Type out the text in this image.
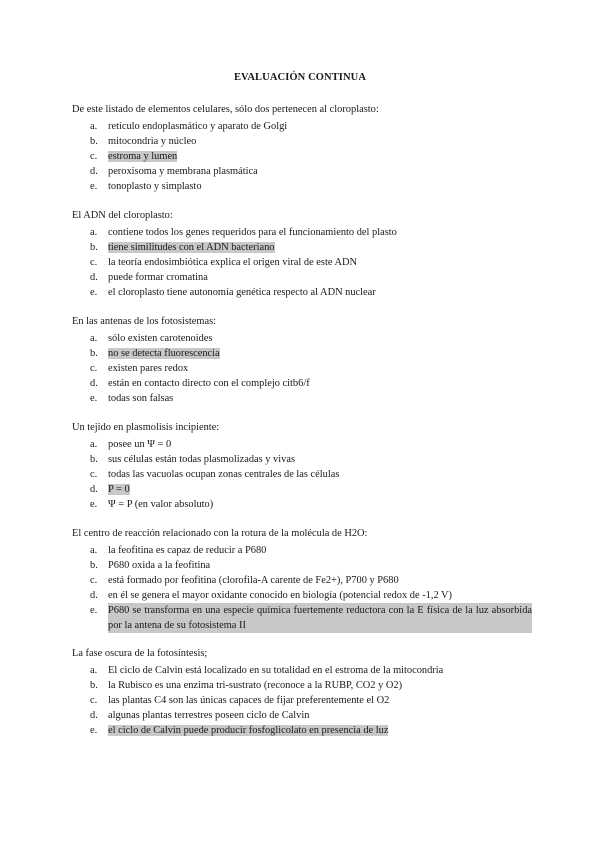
EVALUACIÓN CONTINUA
De este listado de elementos celulares, sólo dos pertenecen al cloroplasto:
a. retículo endoplasmático y aparato de Golgi
b. mitocondria y núcleo
c. estroma y lumen
d. peroxisoma y membrana plasmática
e. tonoplasto y simplasto
El ADN del cloroplasto:
a. contiene todos los genes requeridos para el funcionamiento del plasto
b. tiene similitudes con el ADN bacteriano
c. la teoría endosimbiótica explica el origen viral de este ADN
d. puede formar cromatina
e. el cloroplasto tiene autonomía genética respecto al ADN nuclear
En las antenas de los fotosistemas:
a. sólo existen carotenoides
b. no se detecta fluorescencia
c. existen pares redox
d. están en contacto directo con el complejo citb6/f
e. todas son falsas
Un tejido en plasmolisis incipiente:
a. posee un Ψ = 0
b. sus células están todas plasmolizadas y vivas
c. todas las vacuolas ocupan zonas centrales de las células
d. P = 0
e. Ψ = P (en valor absoluto)
El centro de reacción relacionado con la rotura de la molécula de H2O:
a. la feofitina es capaz de reducir a P680
b. P680 oxida a la feofitina
c. está formado por feofitina (clorofila-A carente de Fe2+), P700 y P680
d. en él se genera el mayor oxidante conocido en biología (potencial redox de -1,2 V)
e. P680 se transforma en una especie química fuertemente reductora con la E física de la luz absorbida por la antena de su fotosistema II
La fase oscura de la fotosíntesis;
a. El ciclo de Calvin está localizado en su totalidad en el estroma de la mitocondria
b. la Rubisco es una enzima tri-sustrato (reconoce a la RUBP, CO2 y O2)
c. las plantas C4 son las únicas capaces de fijar preferentemente el O2
d. algunas plantas terrestres poseen ciclo de Calvin
e. el ciclo de Calvin puede producir fosfoglicolato en presencia de luz
